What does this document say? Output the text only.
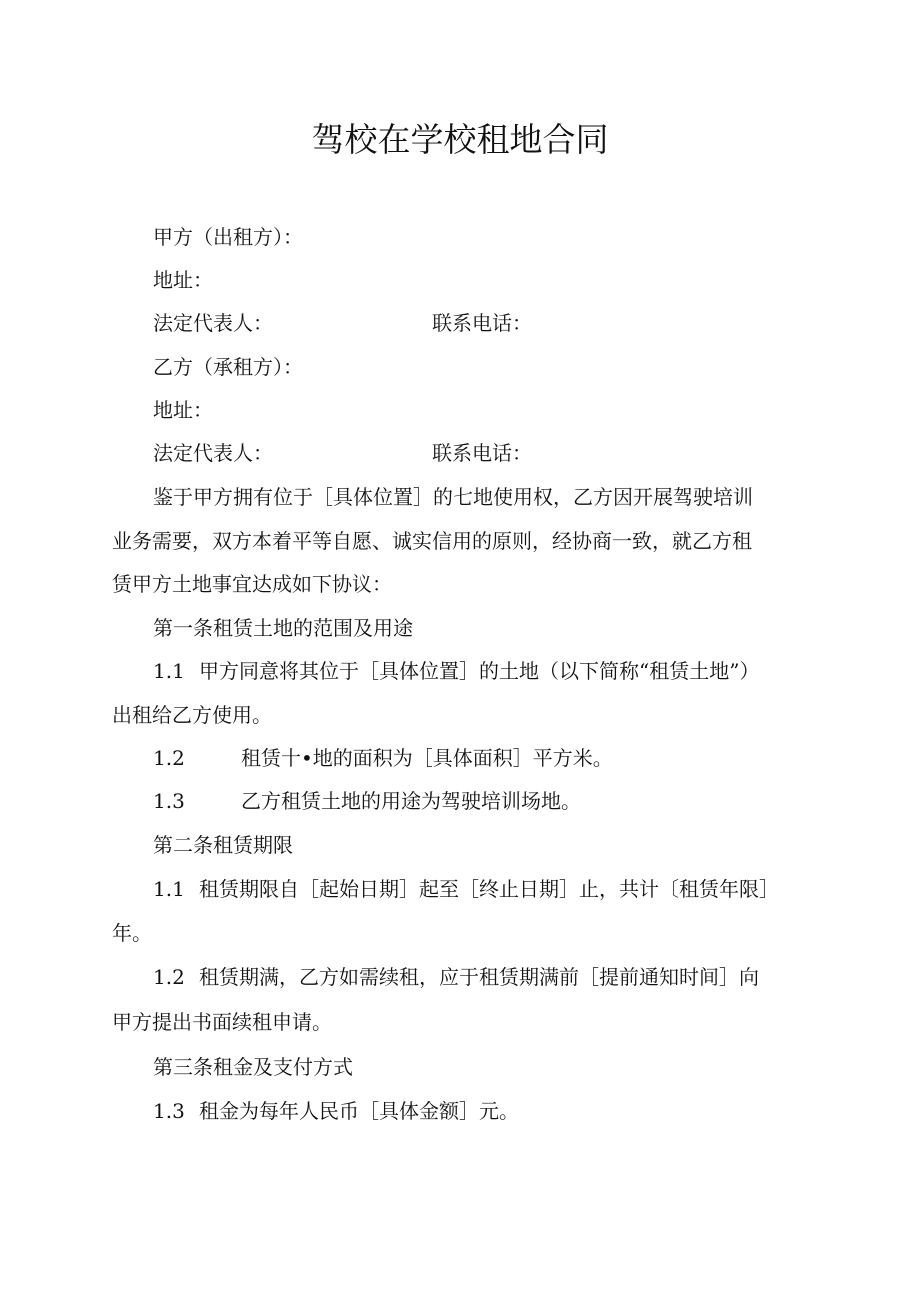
驾校在学校租地合同
甲方（出租方）：
地址：
法定代表人：	联系电话：
乙方（承租方）：
地址：
法定代表人：	联系电话：
鉴于甲方拥有位于［具体位置］的七地使用权，乙方因开展驾驶培训
业务需要，双方本着平等自愿、诚实信用的原则，经协商一致，就乙方租
赁甲方土地事宜达成如下协议：
第一条租赁土地的范围及用途
1.1 甲方同意将其位于［具体位置］的土地（以下简称“租赁土地”）
出租给乙方使用。
1.2	租赁十•地的面积为［具体面积］平方米。
1.3	乙方租赁土地的用途为驾驶培训场地。
第二条租赁期限
1.1 租赁期限自［起始日期］起至［终止日期］止，共计〔租赁年限］
年。
1.2 租赁期满，乙方如需续租，应于租赁期满前［提前通知时间］向
甲方提出书面续租申请。
第三条租金及支付方式
1.3 租金为每年人民币［具体金额］元。
